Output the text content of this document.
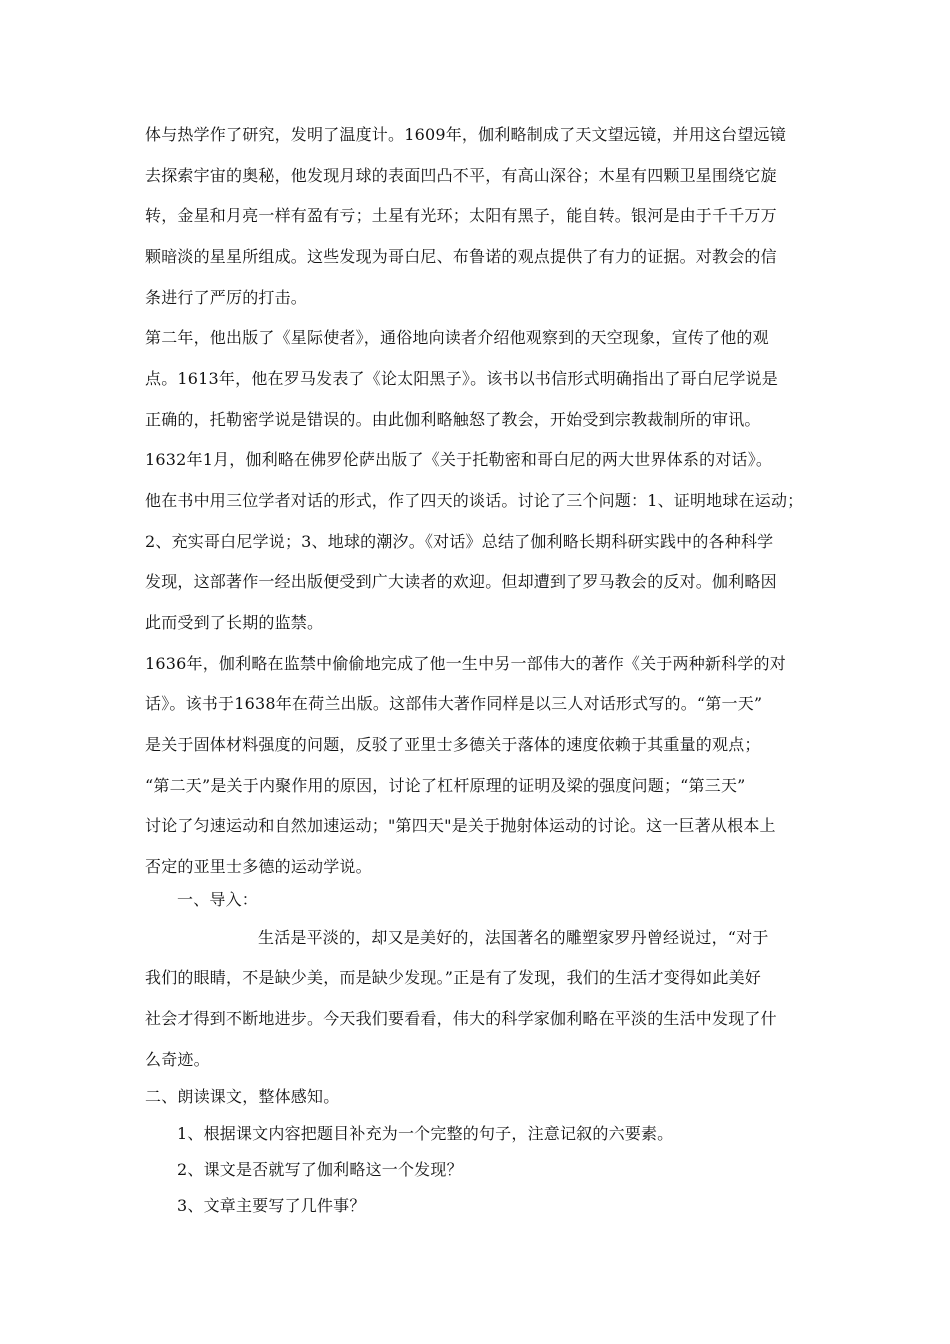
体与热学作了研究，发明了温度计。1609年，伽利略制成了天文望远镜，并用这台望远镜
去探索宇宙的奥秘，他发现月球的表面凹凸不平，有高山深谷；木星有四颗卫星围绕它旋
转，金星和月亮一样有盈有亏；土星有光环；太阳有黑子，能自转。银河是由于千千万万
颗暗淡的星星所组成。这些发现为哥白尼、布鲁诺的观点提供了有力的证据。对教会的信
条进行了严厉的打击。
第二年，他出版了《星际使者》，通俗地向读者介绍他观察到的天空现象，宣传了他的观
点。1613年，他在罗马发表了《论太阳黑子》。该书以书信形式明确指出了哥白尼学说是
正确的，托勒密学说是错误的。由此伽利略触怒了教会，开始受到宗教裁制所的审讯。
1632年1月，伽利略在佛罗伦萨出版了《关于托勒密和哥白尼的两大世界体系的对话》。
他在书中用三位学者对话的形式，作了四天的谈话。讨论了三个问题：1、证明地球在运动；
2、充实哥白尼学说；3、地球的潮汐。《对话》总结了伽利略长期科研实践中的各种科学
发现，这部著作一经出版便受到广大读者的欢迎。但却遭到了罗马教会的反对。伽利略因
此而受到了长期的监禁。
1636年，伽利略在监禁中偷偷地完成了他一生中另一部伟大的著作《关于两种新科学的对
话》。该书于1638年在荷兰出版。这部伟大著作同样是以三人对话形式写的。“第一天”
是关于固体材料强度的问题，反驳了亚里士多德关于落体的速度依赖于其重量的观点；
“第二天”是关于内聚作用的原因，讨论了杠杆原理的证明及梁的强度问题；“第三天”
讨论了匀速运动和自然加速运动；"第四天"是关于抛射体运动的讨论。这一巨著从根本上
否定的亚里士多德的运动学说。
一、导入：
生活是平淡的，却又是美好的，法国著名的雕塑家罗丹曾经说过，“对于
我们的眼睛，不是缺少美，而是缺少发现。”正是有了发现，我们的生活才变得如此美好
社会才得到不断地进步。今天我们要看看，伟大的科学家伽利略在平淡的生活中发现了什
么奇迹。
二、朗读课文，整体感知。
1、根据课文内容把题目补充为一个完整的句子，注意记叙的六要素。
2、课文是否就写了伽利略这一个发现？
3、文章主要写了几件事？
